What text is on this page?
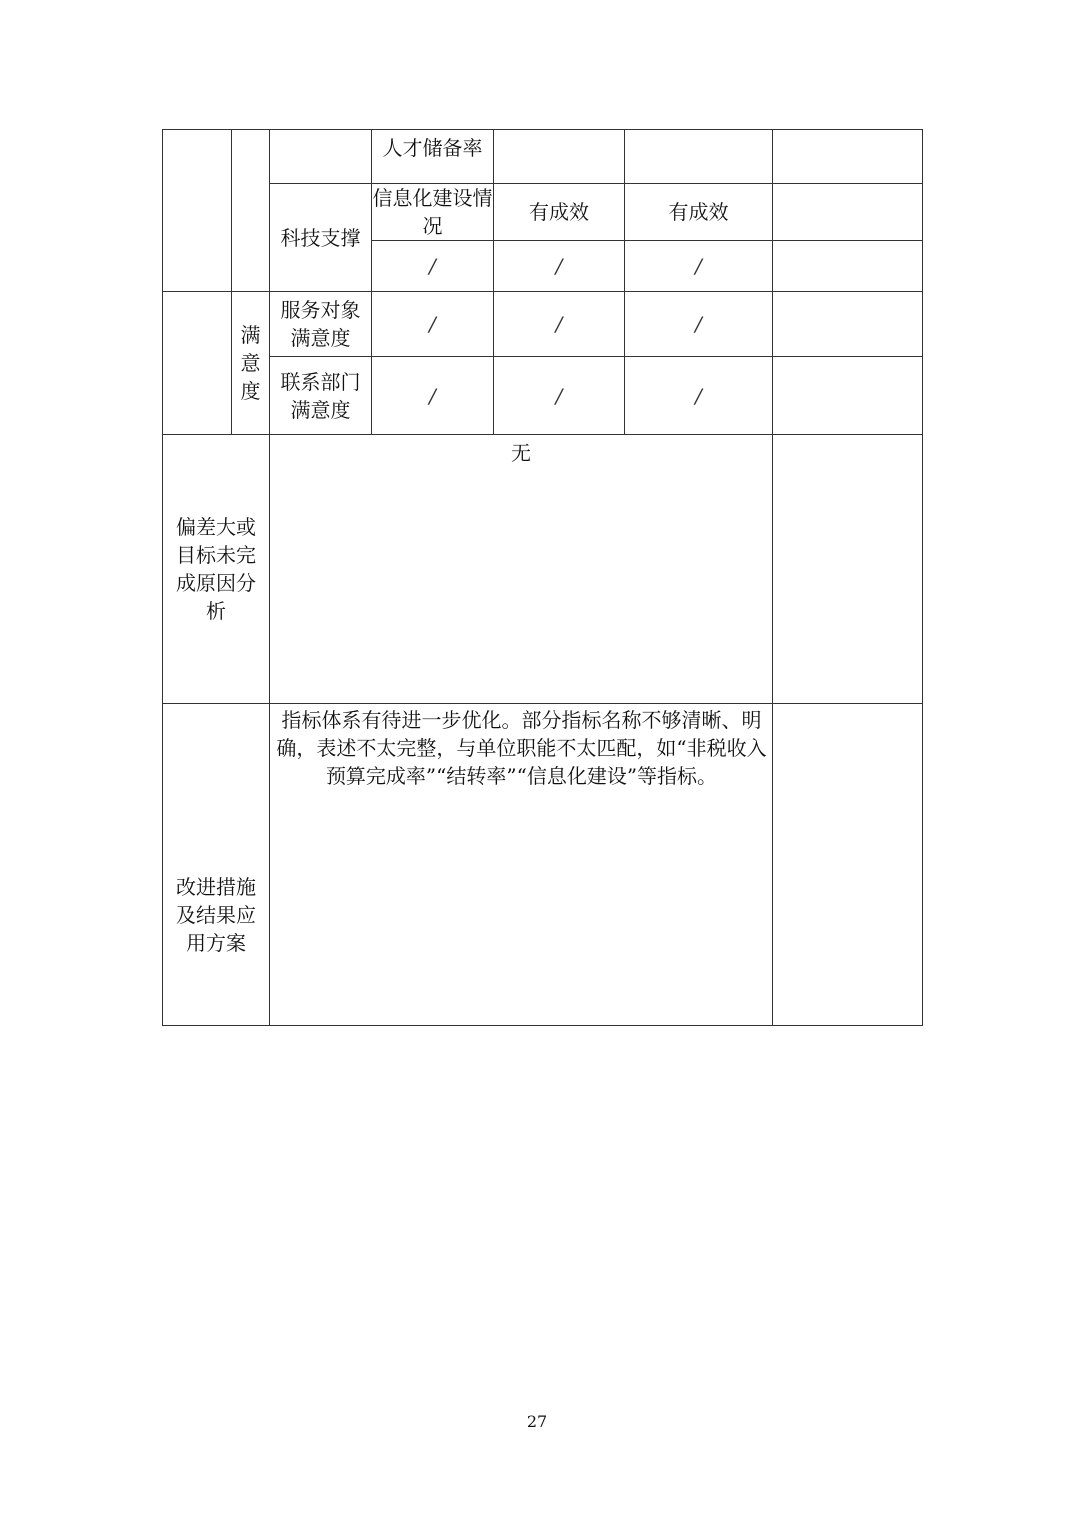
			人才储备率			
		科技支撑	信息化建设情况	有成效	有成效	
			/	/	/	

	满意度	服务对象满意度	/	/	/	

		联系部门满意度	/	/	/	

偏差大或目标未完成原因分析		无				

改进措施及结果应用方案		指标体系有待进一步优化。部分指标名称不够清晰、明确，表述不太完整，与单位职能不太匹配，如“非税收入预算完成率”“结转率”“信息化建设”等指标。				
27
